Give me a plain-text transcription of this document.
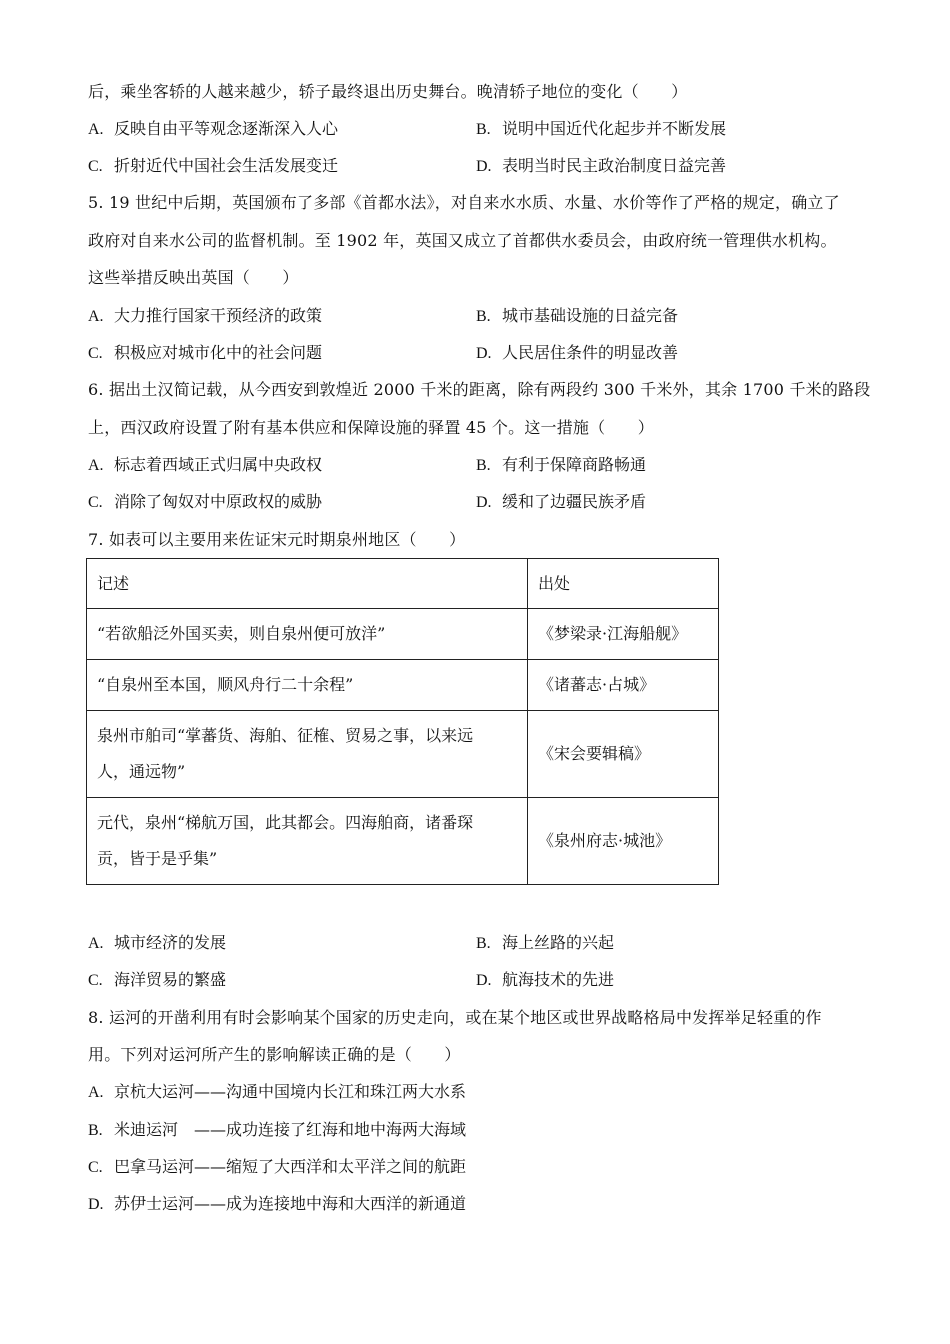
后，乘坐客轿的人越来越少，轿子最终退出历史舞台。晚清轿子地位的变化（　　）
A. 反映自由平等观念逐渐深入人心	B. 说明中国近代化起步并不断发展
C. 折射近代中国社会生活发展变迁	D. 表明当时民主政治制度日益完善
5. 19 世纪中后期，英国颁布了多部《首都水法》，对自来水水质、水量、水价等作了严格的规定，确立了
政府对自来水公司的监督机制。至 1902 年，英国又成立了首都供水委员会，由政府统一管理供水机构。
这些举措反映出英国（　　）
A. 大力推行国家干预经济的政策	B. 城市基础设施的日益完备
C. 积极应对城市化中的社会问题	D. 人民居住条件的明显改善
6. 据出土汉简记载，从今西安到敦煌近 2000 千米的距离，除有两段约 300 千米外，其余 1700 千米的路段
上，西汉政府设置了附有基本供应和保障设施的驿置 45 个。这一措施（　　）
A. 标志着西域正式归属中央政权	B. 有利于保障商路畅通
C. 消除了匈奴对中原政权的威胁	D. 缓和了边疆民族矛盾
7. 如表可以主要用来佐证宋元时期泉州地区（　　）
记述	出处
“若欲船泛外国买卖，则自泉州便可放洋”	《梦梁录·江海船舰》
“自泉州至本国，顺风舟行二十余程”	《诸蕃志·占城》
泉州市舶司“掌蕃货、海舶、征榷、贸易之事，以来远
人，通远物”	《宋会要辑稿》
元代，泉州“梯航万国，此其都会。四海舶商，诸番琛
贡，皆于是乎集”	《泉州府志·城池》
A. 城市经济的发展	B. 海上丝路的兴起
C. 海洋贸易的繁盛	D. 航海技术的先进
8. 运河的开凿利用有时会影响某个国家的历史走向，或在某个地区或世界战略格局中发挥举足轻重的作
用。下列对运河所产生的影响解读正确的是（　　）
A. 京杭大运河——沟通中国境内长江和珠江两大水系
B. 米迪运河　——成功连接了红海和地中海两大海域
C. 巴拿马运河——缩短了大西洋和太平洋之间的航距
D. 苏伊士运河——成为连接地中海和大西洋的新通道
